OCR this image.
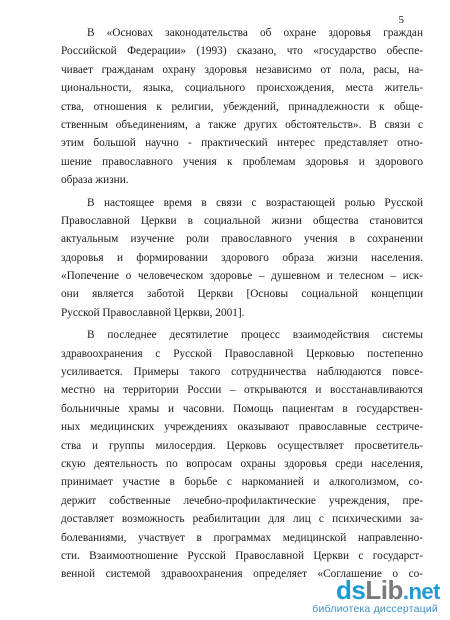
5
В «Основах законодательства об охране здоровья граждан
Российской Федерации» (1993) сказано, что «государство обеспе-
чивает гражданам охрану здоровья независимо от пола, расы, на-
циональности, языка, социального происхождения, места житель-
ства, отношения к религии, убеждений, принадлежности к обще-
ственным объединениям, а также других обстоятельств». В связи с
этим большой научно - практический интерес представляет отно-
шение православного учения к проблемам здоровья и здорового
образа жизни.
В настоящее время в связи с возрастающей ролью Русской
Православной Церкви в социальной жизни общества становится
актуальным изучение роли православного учения в сохранении
здоровья и формировании здорового образа жизни населения.
«Попечение о человеческом здоровье – душевном и телесном – иск-
они является заботой Церкви [Основы социальной концепции
Русской Православной Церкви, 2001].
В последнее десятилетие процесс взаимодействия системы
здравоохранения с Русской Православной Церковью постепенно
усиливается. Примеры такого сотрудничества наблюдаются повсе-
местно на территории России – открываются и восстанавливаются
больничные храмы и часовни. Помощь пациентам в государствен-
ных медицинских учреждениях оказывают православные сестриче-
ства и группы милосердия. Церковь осуществляет просветитель-
скую деятельность по вопросам охраны здоровья среди населения,
принимает участие в борьбе с наркоманией и алкоголизмом, со-
держит собственные лечебно-профилактические учреждения, пре-
доставляет возможность реабилитации для лиц с психическими за-
болеваниями, участвует в программах медицинской направленно-
сти. Взаимоотношение Русской Православной Церкви с государст-
венной системой здравоохранения определяет «Соглашение о со-
dsLib.net
библиотека диссертаций
